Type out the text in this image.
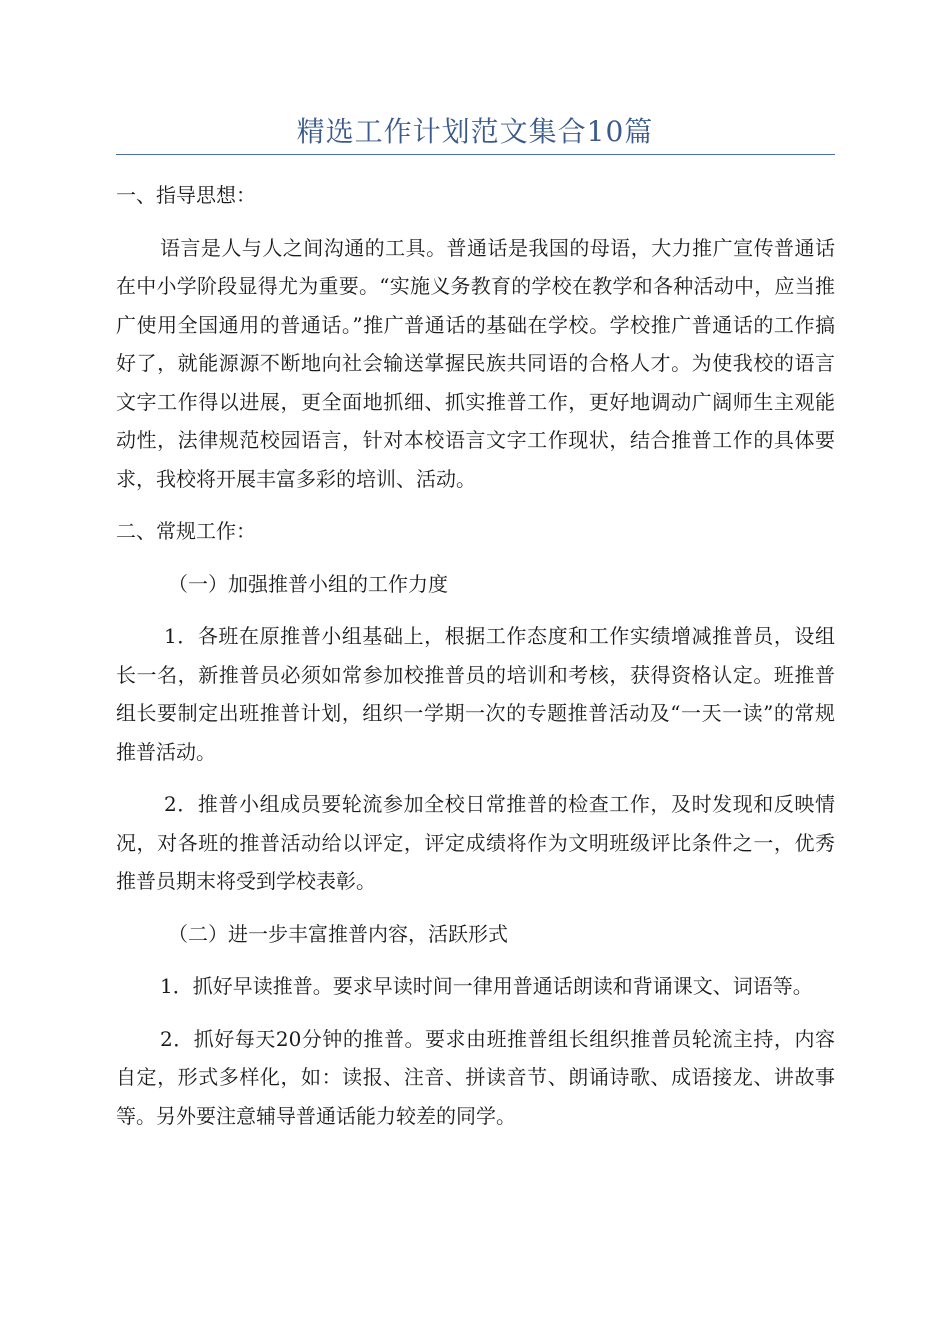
精选工作计划范文集合10篇

一、指导思想：

语言是人与人之间沟通的工具。普通话是我国的母语，大力推广宣传普通话在中小学阶段显得尤为重要。“实施义务教育的学校在教学和各种活动中，应当推广使用全国通用的普通话。”推广普通话的基础在学校。学校推广普通话的工作搞好了，就能源源不断地向社会输送掌握民族共同语的合格人才。为使我校的语言文字工作得以进展，更全面地抓细、抓实推普工作，更好地调动广阔师生主观能动性，法律规范校园语言，针对本校语言文字工作现状，结合推普工作的具体要求，我校将开展丰富多彩的培训、活动。

二、常规工作：

（一）加强推普小组的工作力度

1．各班在原推普小组基础上，根据工作态度和工作实绩增减推普员，设组长一名，新推普员必须如常参加校推普员的培训和考核，获得资格认定。班推普组长要制定出班推普计划，组织一学期一次的专题推普活动及“一天一读”的常规推普活动。

2．推普小组成员要轮流参加全校日常推普的检查工作，及时发现和反映情况，对各班的推普活动给以评定，评定成绩将作为文明班级评比条件之一，优秀推普员期末将受到学校表彰。

（二）进一步丰富推普内容，活跃形式

1．抓好早读推普。要求早读时间一律用普通话朗读和背诵课文、词语等。

2．抓好每天20分钟的推普。要求由班推普组长组织推普员轮流主持，内容自定，形式多样化，如：读报、注音、拼读音节、朗诵诗歌、成语接龙、讲故事等。另外要注意辅导普通话能力较差的同学。
